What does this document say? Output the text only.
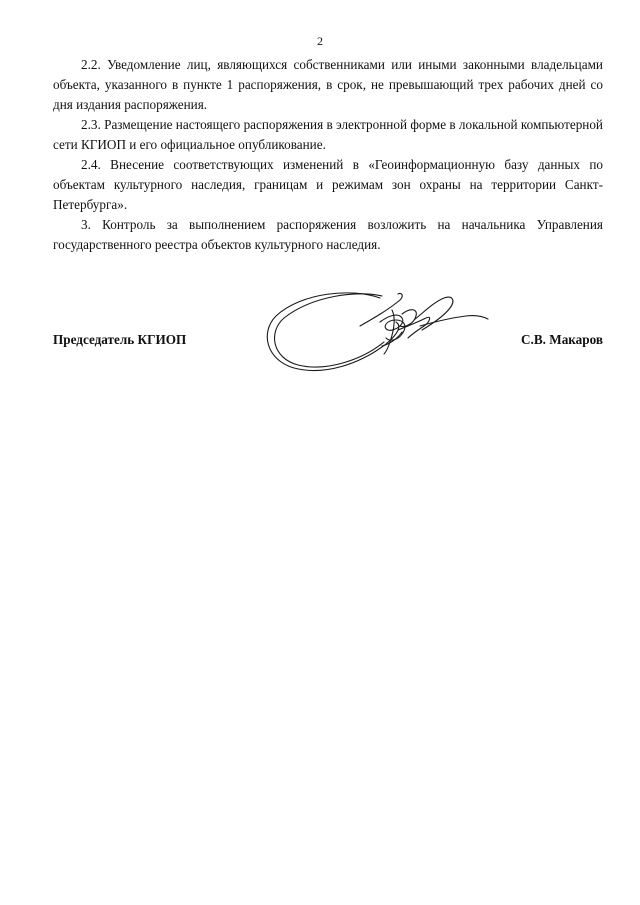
2

2.2. Уведомление лиц, являющихся собственниками или иными законными владельцами объекта, указанного в пункте 1 распоряжения, в срок, не превышающий трех рабочих дней со дня издания распоряжения.

2.3. Размещение настоящего распоряжения в электронной форме в локальной компьютерной сети КГИОП и его официальное опубликование.

2.4. Внесение соответствующих изменений в «Геоинформационную базу данных по объектам культурного наследия, границам и режимам зон охраны на территории Санкт-Петербурга».

3. Контроль за выполнением распоряжения возложить на начальника Управления государственного реестра объектов культурного наследия.

Председатель КГИОП	С.В. Макаров
